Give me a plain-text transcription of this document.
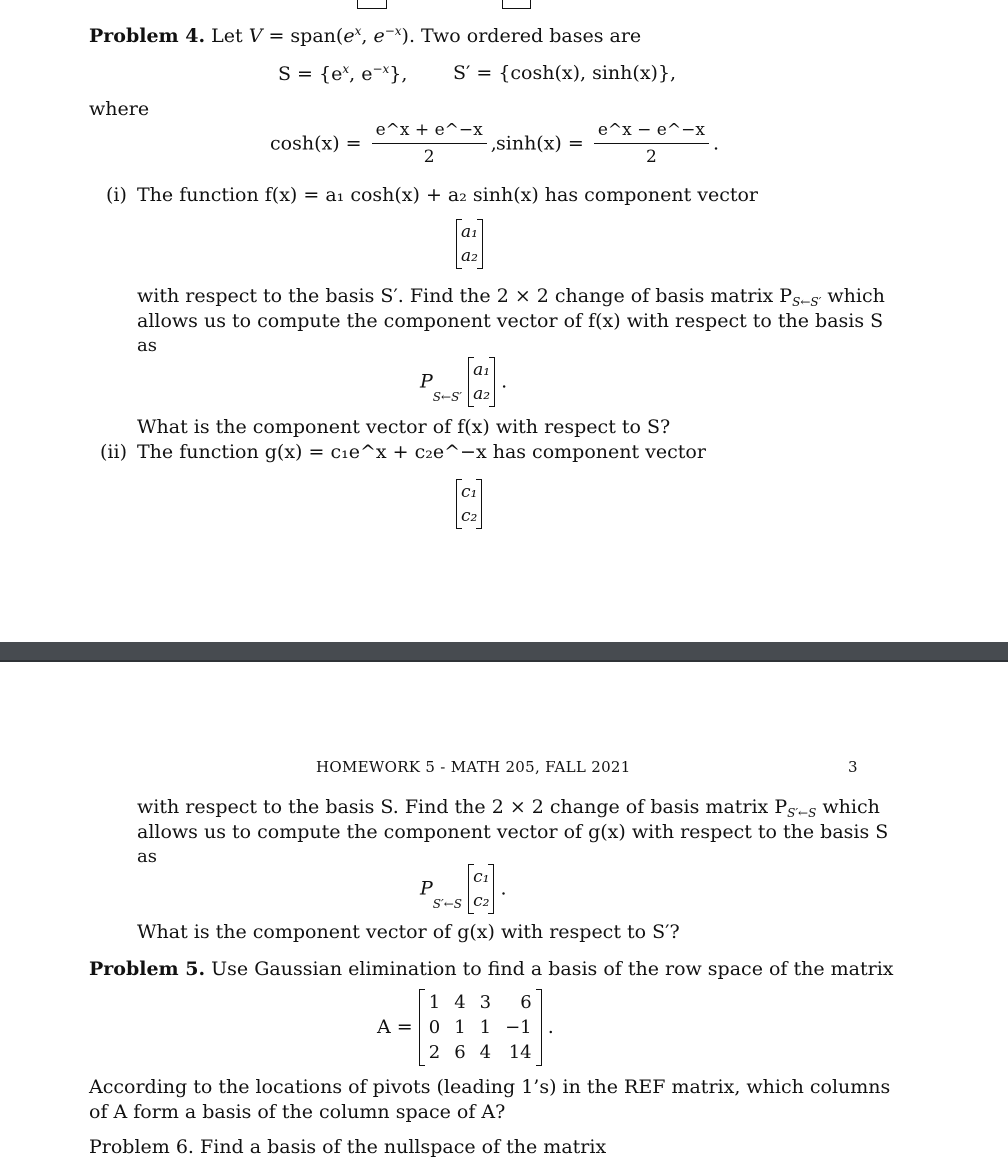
Problem 4. Let $V = span(e^x$, $e^{-x}$). Two ordered bases are
$S = \{e^x$, $e^{-x}$}, S′ = {cosh(x), sinh(x)},
where
$\cosh(x) = \frac{e\^{}x + e\^{}-x}{2}$ , $\sinh(x) = \frac{e\^{}x - e\^{}-x}{2}$ .
(i) The function f(x) = a₁ cosh(x) + a₂ sinh(x) has component vector
a₁
a₂
with respect to the basis S′. Find the 2 × 2 change of basis matrix $P_{S\leftarrow S'}$ which
allows us to compute the component vector of f(x) with respect to the basis S
as
$P_{S\leftarrow S'}$
a₁
a₂
.
What is the component vector of f(x) with respect to S?
(ii) The function g(x) = c₁e^x + c₂e^−x has component vector
c₁
c₂
HOMEWORK 5 - MATH 205, FALL 2021	3
with respect to the basis S. Find the 2 × 2 change of basis matrix $P_{S'\leftarrow S}$ which
allows us to compute the component vector of g(x) with respect to the basis S
as
$P_{S'\leftarrow S}$
c₁
c₂
.
What is the component vector of g(x) with respect to S′?
Problem 5. Use Gaussian elimination to find a basis of the row space of the matrix
A =
1	4	3	6
0	1	1	−1
2	6	4	14
.
According to the locations of pivots (leading 1’s) in the REF matrix, which columns
of A form a basis of the column space of A?
Problem 6. Find a basis of the nullspace of the matrix
